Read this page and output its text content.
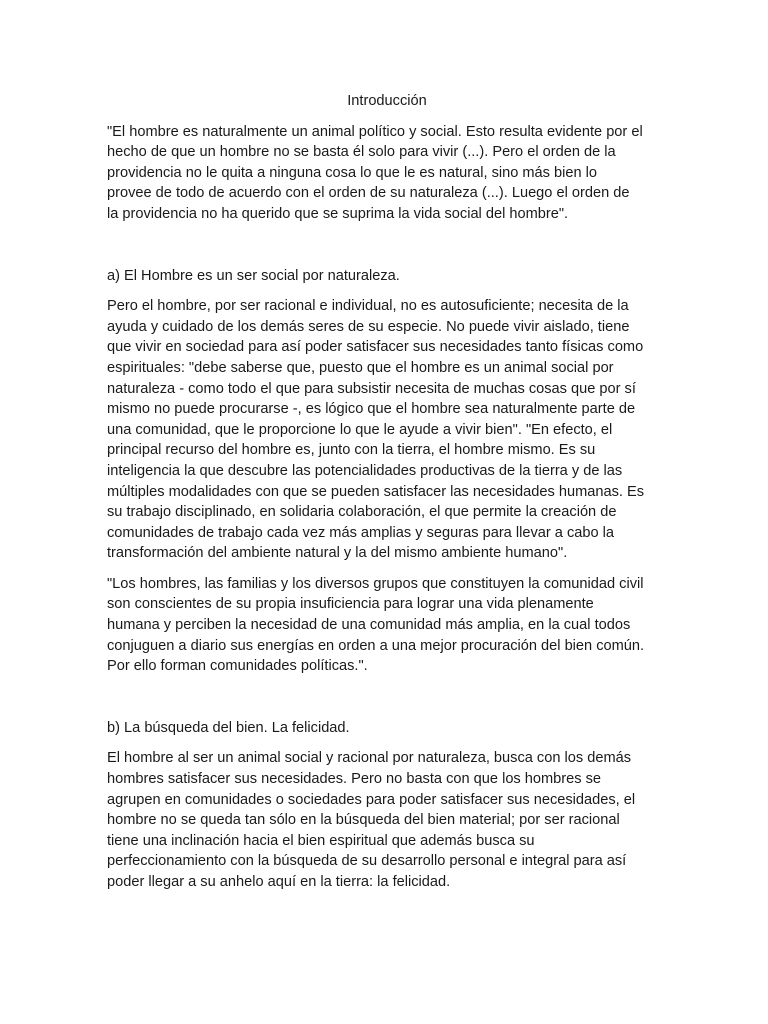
Introducción

"El hombre es naturalmente un animal político y social. Esto resulta evidente por el
hecho de que un hombre no se basta él solo para vivir (...). Pero el orden de la
providencia no le quita a ninguna cosa lo que le es natural, sino más bien lo
provee de todo de acuerdo con el orden de su naturaleza (...). Luego el orden de
la providencia no ha querido que se suprima la vida social del hombre".

a) El Hombre es un ser social por naturaleza.

Pero el hombre, por ser racional e individual, no es autosuficiente; necesita de la
ayuda y cuidado de los demás seres de su especie. No puede vivir aislado, tiene
que vivir en sociedad para así poder satisfacer sus necesidades tanto físicas como
espirituales: "debe saberse que, puesto que el hombre es un animal social por
naturaleza - como todo el que para subsistir necesita de muchas cosas que por sí
mismo no puede procurarse -, es lógico que el hombre sea naturalmente parte de
una comunidad, que le proporcione lo que le ayude a vivir bien". "En efecto, el
principal recurso del hombre es, junto con la tierra, el hombre mismo. Es su
inteligencia la que descubre las potencialidades productivas de la tierra y de las
múltiples modalidades con que se pueden satisfacer las necesidades humanas. Es
su trabajo disciplinado, en solidaria colaboración, el que permite la creación de
comunidades de trabajo cada vez más amplias y seguras para llevar a cabo la
transformación del ambiente natural y la del mismo ambiente humano".

"Los hombres, las familias y los diversos grupos que constituyen la comunidad civil
son conscientes de su propia insuficiencia para lograr una vida plenamente
humana y perciben la necesidad de una comunidad más amplia, en la cual todos
conjuguen a diario sus energías en orden a una mejor procuración del bien común.
Por ello forman comunidades políticas.".

b) La búsqueda del bien. La felicidad.

El hombre al ser un animal social y racional por naturaleza, busca con los demás
hombres satisfacer sus necesidades. Pero no basta con que los hombres se
agrupen en comunidades o sociedades para poder satisfacer sus necesidades, el
hombre no se queda tan sólo en la búsqueda del bien material; por ser racional
tiene una inclinación hacia el bien espiritual que además busca su
perfeccionamiento con la búsqueda de su desarrollo personal e integral para así
poder llegar a su anhelo aquí en la tierra: la felicidad.
